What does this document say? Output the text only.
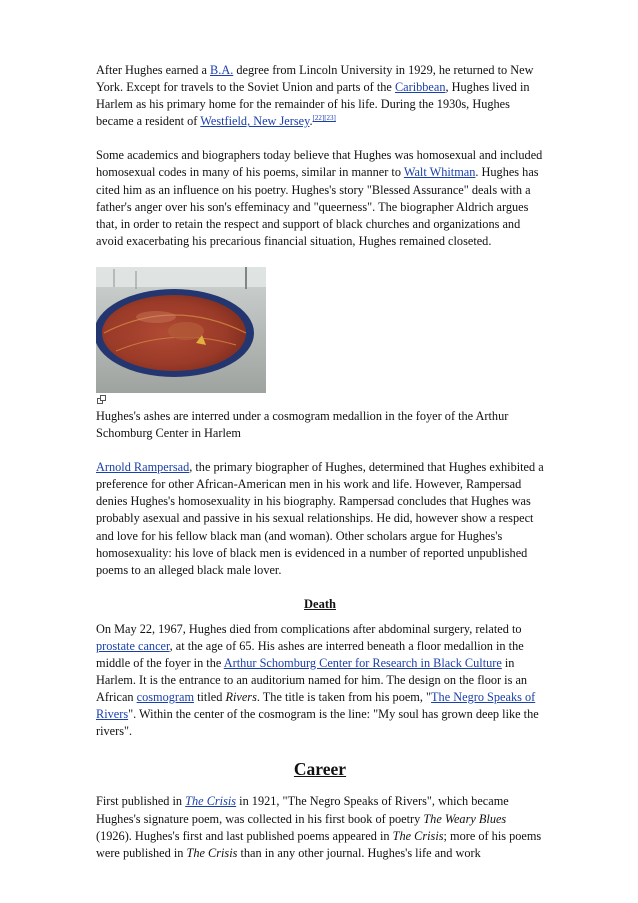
After Hughes earned a B.A. degree from Lincoln University in 1929, he returned to New York. Except for travels to the Soviet Union and parts of the Caribbean, Hughes lived in Harlem as his primary home for the remainder of his life. During the 1930s, Hughes became a resident of Westfield, New Jersey.[22][23]

Some academics and biographers today believe that Hughes was homosexual and included homosexual codes in many of his poems, similar in manner to Walt Whitman. Hughes has cited him as an influence on his poetry. Hughes's story "Blessed Assurance" deals with a father's anger over his son's effeminacy and "queerness". The biographer Aldrich argues that, in order to retain the respect and support of black churches and organizations and avoid exacerbating his precarious financial situation, Hughes remained closeted.

Hughes's ashes are interred under a cosmogram medallion in the foyer of the Arthur Schomburg Center in Harlem

Arnold Rampersad, the primary biographer of Hughes, determined that Hughes exhibited a preference for other African-American men in his work and life. However, Rampersad denies Hughes's homosexuality in his biography. Rampersad concludes that Hughes was probably asexual and passive in his sexual relationships. He did, however show a respect and love for his fellow black man (and woman). Other scholars argue for Hughes's homosexuality: his love of black men is evidenced in a number of reported unpublished poems to an alleged black male lover.

Death

On May 22, 1967, Hughes died from complications after abdominal surgery, related to prostate cancer, at the age of 65. His ashes are interred beneath a floor medallion in the middle of the foyer in the Arthur Schomburg Center for Research in Black Culture in Harlem. It is the entrance to an auditorium named for him. The design on the floor is an African cosmogram titled Rivers. The title is taken from his poem, "The Negro Speaks of Rivers". Within the center of the cosmogram is the line: "My soul has grown deep like the rivers".

Career

First published in The Crisis in 1921, "The Negro Speaks of Rivers", which became Hughes's signature poem, was collected in his first book of poetry The Weary Blues (1926). Hughes's first and last published poems appeared in The Crisis; more of his poems were published in The Crisis than in any other journal. Hughes's life and work
